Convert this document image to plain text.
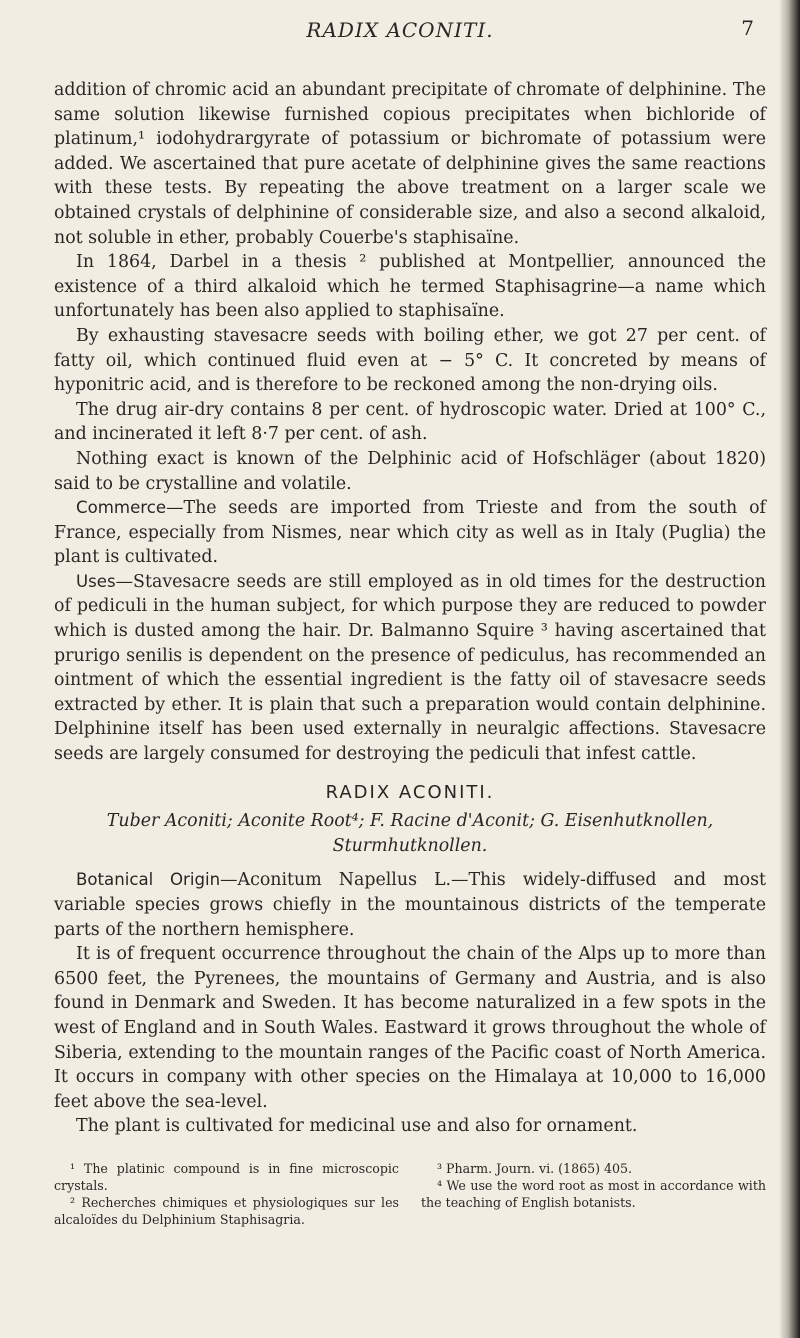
RADIX ACONITI.	7

addition of chromic acid an abundant precipitate of chromate of delphinine. The same solution likewise furnished copious precipitates when bichloride of platinum,¹ iodohydrargyrate of potassium or bichromate of potassium were added. We ascertained that pure acetate of delphinine gives the same reactions with these tests. By repeating the above treatment on a larger scale we obtained crystals of delphinine of considerable size, and also a second alkaloid, not soluble in ether, probably Couerbe's staphisaïne.

In 1864, Darbel in a thesis ² published at Montpellier, announced the existence of a third alkaloid which he termed Staphisagrine—a name which unfortunately has been also applied to staphisaïne.

By exhausting stavesacre seeds with boiling ether, we got 27 per cent. of fatty oil, which continued fluid even at − 5° C. It concreted by means of hyponitric acid, and is therefore to be reckoned among the non-drying oils.

The drug air-dry contains 8 per cent. of hydroscopic water. Dried at 100° C., and incinerated it left 8·7 per cent. of ash.

Nothing exact is known of the Delphinic acid of Hofschläger (about 1820) said to be crystalline and volatile.

Commerce—The seeds are imported from Trieste and from the south of France, especially from Nismes, near which city as well as in Italy (Puglia) the plant is cultivated.

Uses—Stavesacre seeds are still employed as in old times for the destruction of pediculi in the human subject, for which purpose they are reduced to powder which is dusted among the hair. Dr. Balmanno Squire ³ having ascertained that prurigo senilis is dependent on the presence of pediculus, has recommended an ointment of which the essential ingredient is the fatty oil of stavesacre seeds extracted by ether. It is plain that such a preparation would contain delphinine. Delphinine itself has been used externally in neuralgic affections. Stavesacre seeds are largely consumed for destroying the pediculi that infest cattle.

RADIX ACONITI.
Tuber Aconiti; Aconite Root⁴; F. Racine d'Aconit; G. Eisenhutknollen,
Sturmhutknollen.

Botanical Origin—Aconitum Napellus L.—This widely-diffused and most variable species grows chiefly in the mountainous districts of the temperate parts of the northern hemisphere.

It is of frequent occurrence throughout the chain of the Alps up to more than 6500 feet, the Pyrenees, the mountains of Germany and Austria, and is also found in Denmark and Sweden. It has become naturalized in a few spots in the west of England and in South Wales. Eastward it grows throughout the whole of Siberia, extending to the mountain ranges of the Pacific coast of North America. It occurs in company with other species on the Himalaya at 10,000 to 16,000 feet above the sea-level.

The plant is cultivated for medicinal use and also for ornament.

¹ The platinic compound is in fine microscopic crystals.

² Recherches chimiques et physiologiques sur les alcaloïdes du Delphinium Staphisagria.

³ Pharm. Journ. vi. (1865) 405.

⁴ We use the word root as most in accordance with the teaching of English botanists.
